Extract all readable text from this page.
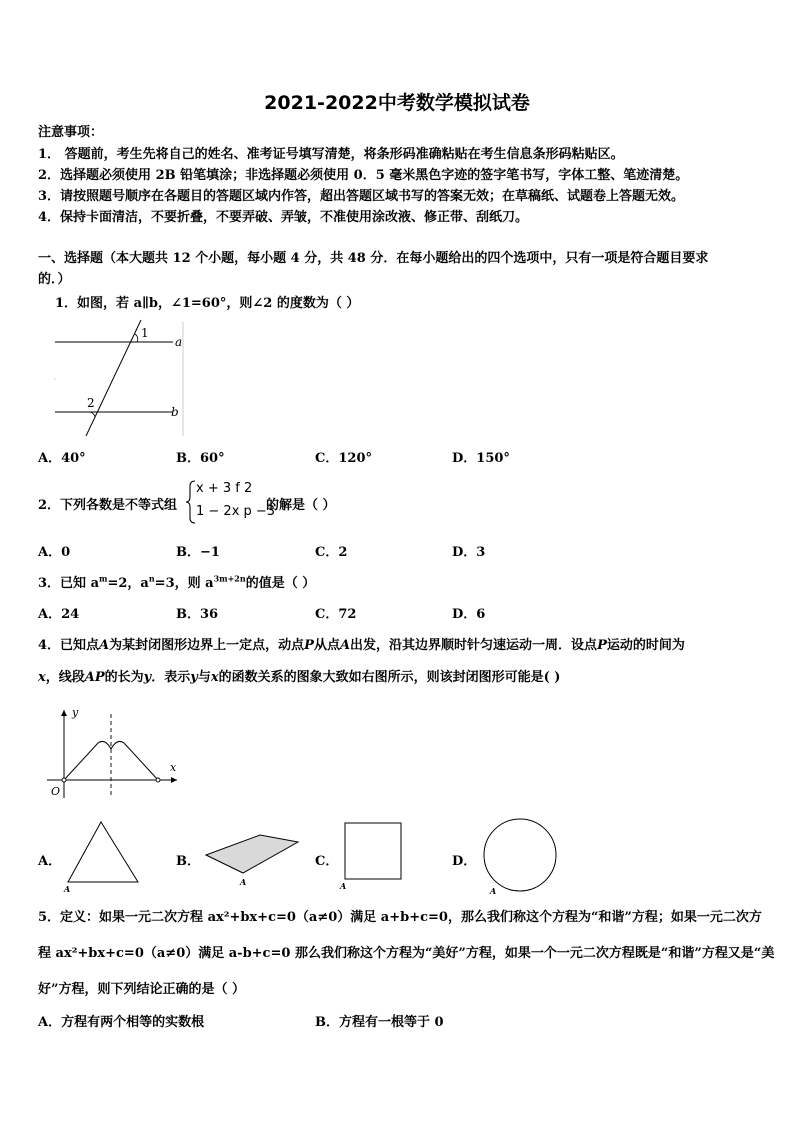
2021-2022中考数学模拟试卷
注意事项：
1． 答题前，考生先将自己的姓名、准考证号填写清楚，将条形码准确粘贴在考生信息条形码粘贴区。
2．选择题必须使用 2B 铅笔填涂；非选择题必须使用 0．5 毫米黑色字迹的签字笔书写，字体工整、笔迹清楚。
3．请按照题号顺序在各题目的答题区域内作答，超出答题区域书写的答案无效；在草稿纸、试题卷上答题无效。
4．保持卡面清洁，不要折叠，不要弄破、弄皱，不准使用涂改液、修正带、刮纸刀。
一、选择题（本大题共 12 个小题，每小题 4 分，共 48 分．在每小题给出的四个选项中，只有一项是符合题目要求
的．）
1．如图，若 a∥b，∠1=60°，则∠2 的度数为（ ）
1
2
a
b
A．40°	B．60°	C．120°	D．150°
2．下列各数是不等式组
x + 3 f 2
1 − 2x p −3
的解是（ ）
A．0	B．−1	C．2	D．3
3．已知 $a^m=2$，$a^n=3$，则 $a^{3m+2n}$的值是（ ）
A．24	B．36	C．72	D．6
4．已知点A为某封闭图形边界上一定点，动点P从点A出发，沿其边界顺时针匀速运动一周．设点P运动的时间为
x，线段AP的长为y．表示y与x的函数关系的图象大致如右图所示，则该封闭图形可能是( )
y
x
O
A．
A
B．
A
C．
A
D．
A
5．定义：如果一元二次方程 ax²+bx+c=0（a≠0）满足 a+b+c=0，那么我们称这个方程为“和谐”方程；如果一元二次方
程 ax²+bx+c=0（a≠0）满足 a-b+c=0 那么我们称这个方程为“美好”方程，如果一个一元二次方程既是“和谐”方程又是“美
好”方程，则下列结论正确的是（ ）
A．方程有两个相等的实数根	B．方程有一根等于 0
